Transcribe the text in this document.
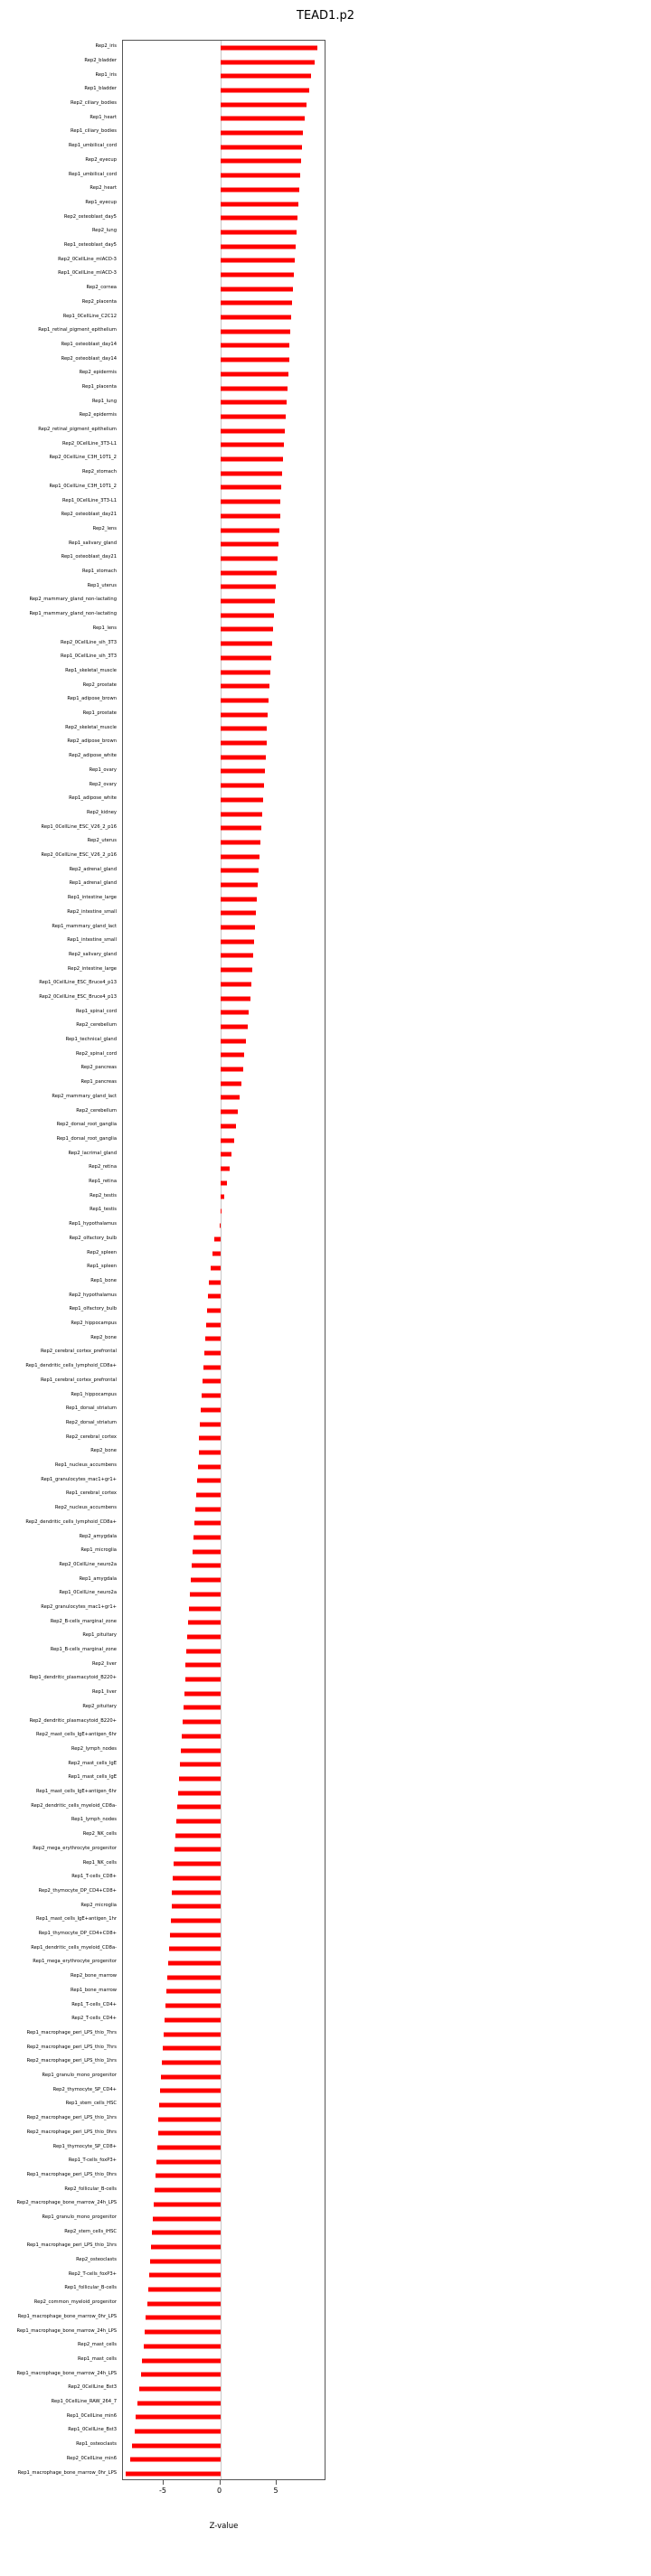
TEAD1.p2
Rep2_iris
Rep2_bladder
Rep1_iris
Rep1_bladder
Rep2_ciliary_bodies
Rep1_heart
Rep1_ciliary_bodies
Rep1_umbilical_cord
Rep2_eyecup
Rep1_umbilical_cord
Rep2_heart
Rep1_eyecup
Rep2_osteoblast_day5
Rep2_lung
Rep1_osteoblast_day5
Rep2_0CellLine_mlACD-3
Rep1_0CellLine_mlACD-3
Rep2_cornea
Rep2_placenta
Rep1_0CellLine_C2C12
Rep1_retinal_pigment_epithelium
Rep1_osteoblast_day14
Rep2_osteoblast_day14
Rep2_epidermis
Rep1_placenta
Rep1_lung
Rep2_epidermis
Rep2_retinal_pigment_epithelium
Rep2_0CellLine_3T3-L1
Rep2_0CellLine_C3H_10T1_2
Rep2_stomach
Rep1_0CellLine_C3H_10T1_2
Rep1_0CellLine_3T3-L1
Rep2_osteoblast_day21
Rep2_lens
Rep1_salivary_gland
Rep1_osteoblast_day21
Rep1_stomach
Rep1_uterus
Rep2_mammary_gland_non-lactating
Rep1_mammary_gland_non-lactating
Rep1_lens
Rep2_0CellLine_sih_3T3
Rep1_0CellLine_sih_3T3
Rep1_skeletal_muscle
Rep2_prostate
Rep1_adipose_brown
Rep1_prostate
Rep2_skeletal_muscle
Rep2_adipose_brown
Rep2_adipose_white
Rep1_ovary
Rep2_ovary
Rep1_adipose_white
Rep2_kidney
Rep1_0CellLine_ESC_V26_2_p16
Rep2_uterus
Rep2_0CellLine_ESC_V26_2_p16
Rep2_adrenal_gland
Rep1_adrenal_gland
Rep1_intestine_large
Rep2_intestine_small
Rep1_mammary_gland_lact
Rep1_intestine_small
Rep2_salivary_gland
Rep2_intestine_large
Rep1_0CellLine_ESC_Bruce4_p13
Rep2_0CellLine_ESC_Bruce4_p13
Rep1_spinal_cord
Rep2_cerebellum
Rep1_technical_gland
Rep2_spinal_cord
Rep2_pancreas
Rep1_pancreas
Rep2_mammary_gland_lact
Rep2_cerebellum
Rep2_dorsal_root_ganglia
Rep1_dorsal_root_ganglia
Rep2_lacrimal_gland
Rep2_retina
Rep1_retina
Rep2_testis
Rep1_testis
Rep1_hypothalamus
Rep2_olfactory_bulb
Rep2_spleen
Rep1_spleen
Rep1_bone
Rep2_hypothalamus
Rep1_olfactory_bulb
Rep2_hippocampus
Rep2_bone
Rep2_cerebral_cortex_prefrontal
Rep1_dendritic_cells_lymphoid_CD8a+
Rep1_cerebral_cortex_prefrontal
Rep1_hippocampus
Rep1_dorsal_striatum
Rep2_dorsal_striatum
Rep2_cerebral_cortex
Rep2_bone
Rep1_nucleus_accumbens
Rep1_granulocytes_mac1+gr1+
Rep1_cerebral_cortex
Rep2_nucleus_accumbens
Rep2_dendritic_cells_lymphoid_CD8a+
Rep2_amygdala
Rep1_microglia
Rep2_0CellLine_neuro2a
Rep1_amygdala
Rep1_0CellLine_neuro2a
Rep2_granulocytes_mac1+gr1+
Rep2_B-cells_marginal_zone
Rep1_pituitary
Rep1_B-cells_marginal_zone
Rep2_liver
Rep1_dendritic_plasmacytoid_B220+
Rep1_liver
Rep2_pituitary
Rep2_dendritic_plasmacytoid_B220+
Rep2_mast_cells_IgE+antigen_6hr
Rep2_lymph_nodes
Rep2_mast_cells_IgE
Rep1_mast_cells_IgE
Rep1_mast_cells_IgE+antigen_6hr
Rep2_dendritic_cells_myeloid_CD8a-
Rep1_lymph_nodes
Rep2_NK_cells
Rep2_mega_erythrocyte_progenitor
Rep1_NK_cells
Rep1_T-cells_CD8+
Rep2_thymocyte_DP_CD4+CD8+
Rep2_microglia
Rep1_mast_cells_IgE+antigen_1hr
Rep1_thymocyte_DP_CD4+CD8+
Rep1_dendritic_cells_myeloid_CD8a-
Rep1_mega_erythrocyte_progenitor
Rep2_bone_marrow
Rep1_bone_marrow
Rep1_T-cells_CD4+
Rep2_T-cells_CD4+
Rep1_macrophage_peri_LPS_thio_7hrs
Rep2_macrophage_peri_LPS_thio_7hrs
Rep2_macrophage_peri_LPS_thio_1hrs
Rep1_granulo_mono_progenitor
Rep2_thymocyte_SP_CD4+
Rep1_stem_cells_HSC
Rep2_macrophage_peri_LPS_thio_1hrs
Rep2_macrophage_peri_LPS_thio_0hrs
Rep1_thymocyte_SP_CD8+
Rep1_T-cells_foxP3+
Rep1_macrophage_peri_LPS_thio_0hrs
Rep2_follicular_B-cells
Rep2_macrophage_bone_marrow_24h_LPS
Rep1_granulo_mono_progenitor
Rep2_stem_cells_iHSC
Rep1_macrophage_peri_LPS_thio_1hrs
Rep2_osteoclasts
Rep2_T-cells_foxP3+
Rep1_follicular_B-cells
Rep2_common_myeloid_progenitor
Rep1_macrophage_bone_marrow_0hr_LPS
Rep1_macrophage_bone_marrow_24h_LPS
Rep2_mast_cells
Rep1_mast_cells
Rep1_macrophage_bone_marrow_24h_LPS
Rep2_0CellLine_Bst3
Rep1_0CellLine_RAW_264_7
Rep1_0CellLine_min6
Rep1_0CellLine_Bst3
Rep1_osteoclasts
Rep2_0CellLine_min6
Rep1_macrophage_bone_marrow_0hr_LPS
-5	0	5
Z-value
